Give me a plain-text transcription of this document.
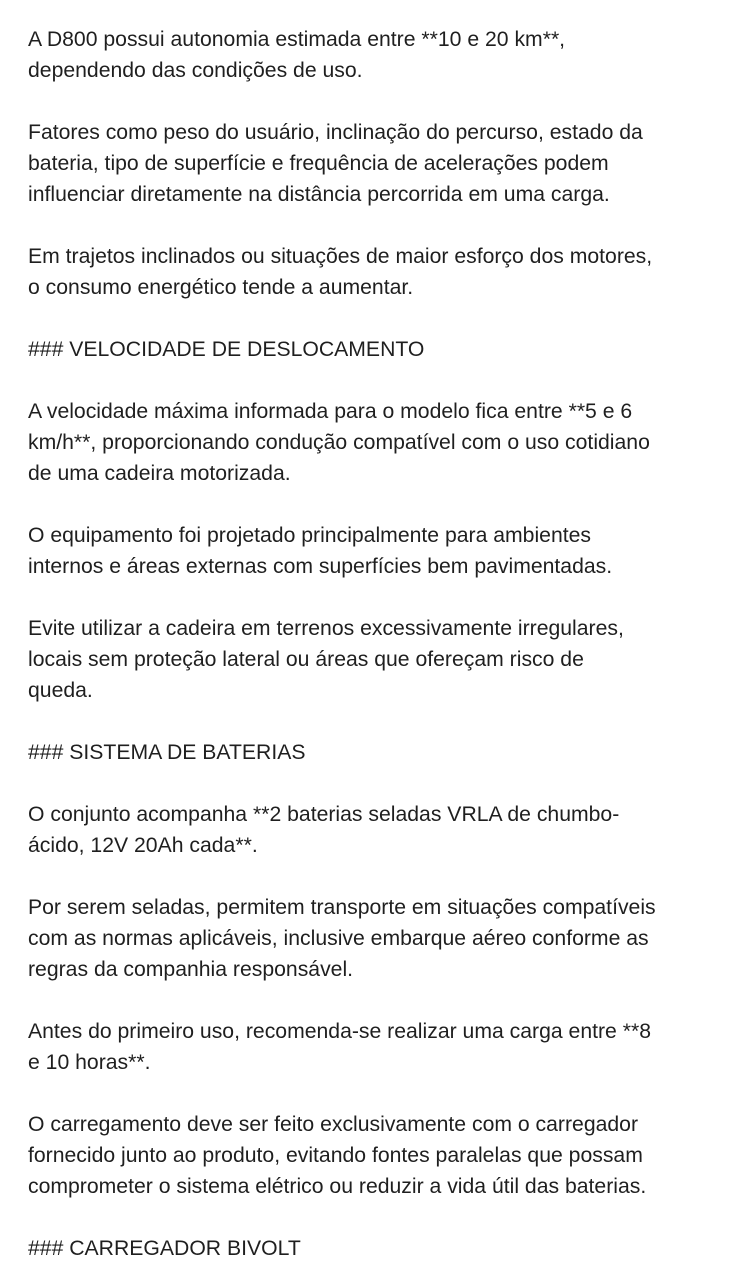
A D800 possui autonomia estimada entre **10 e 20 km**,
dependendo das condições de uso.

Fatores como peso do usuário, inclinação do percurso, estado da
bateria, tipo de superfície e frequência de acelerações podem
influenciar diretamente na distância percorrida em uma carga.

Em trajetos inclinados ou situações de maior esforço dos motores,
o consumo energético tende a aumentar.

### VELOCIDADE DE DESLOCAMENTO

A velocidade máxima informada para o modelo fica entre **5 e 6
km/h**, proporcionando condução compatível com o uso cotidiano
de uma cadeira motorizada.

O equipamento foi projetado principalmente para ambientes
internos e áreas externas com superfícies bem pavimentadas.

Evite utilizar a cadeira em terrenos excessivamente irregulares,
locais sem proteção lateral ou áreas que ofereçam risco de
queda.

### SISTEMA DE BATERIAS

O conjunto acompanha **2 baterias seladas VRLA de chumbo-
ácido, 12V 20Ah cada**.

Por serem seladas, permitem transporte em situações compatíveis
com as normas aplicáveis, inclusive embarque aéreo conforme as
regras da companhia responsável.

Antes do primeiro uso, recomenda-se realizar uma carga entre **8
e 10 horas**.

O carregamento deve ser feito exclusivamente com o carregador
fornecido junto ao produto, evitando fontes paralelas que possam
comprometer o sistema elétrico ou reduzir a vida útil das baterias.

### CARREGADOR BIVOLT
